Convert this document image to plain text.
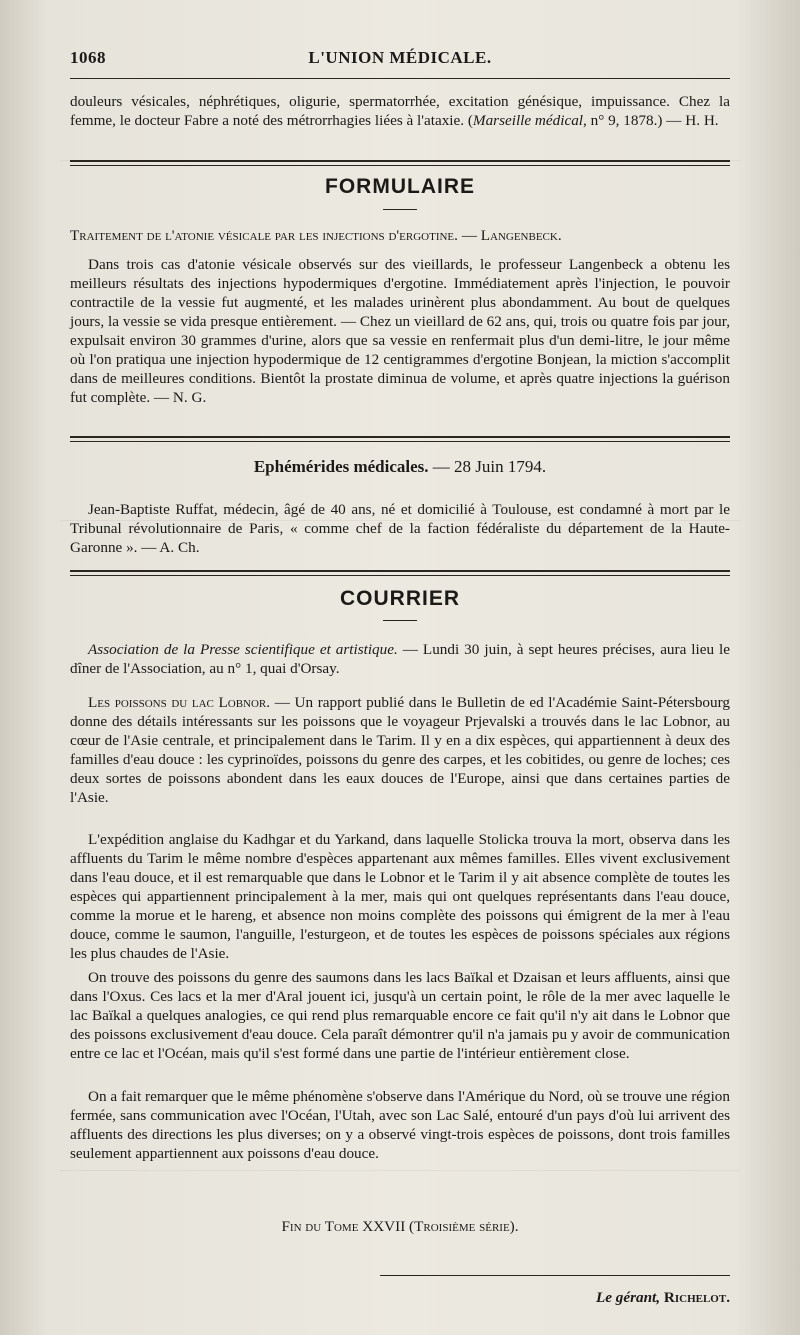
1068	L'UNION MÉDICALE.

douleurs vésicales, néphrétiques, oligurie, spermatorrhée, excitation génésique, impuissance. Chez la femme, le docteur Fabre a noté des métrorrhagies liées à l'ataxie. (Marseille médical, n° 9, 1878.) — H. H.

FORMULAIRE
Traitement de l'atonie vésicale par les injections d'ergotine. — Langenbeck.

Dans trois cas d'atonie vésicale observés sur des vieillards, le professeur Langenbeck a obtenu les meilleurs résultats des injections hypodermiques d'ergotine. Immédiatement après l'injection, le pouvoir contractile de la vessie fut augmenté, et les malades urinèrent plus abondamment. Au bout de quelques jours, la vessie se vida presque entièrement. — Chez un vieillard de 62 ans, qui, trois ou quatre fois par jour, expulsait environ 30 grammes d'urine, alors que sa vessie en renfermait plus d'un demi-litre, le jour même où l'on pratiqua une injection hypodermique de 12 centigrammes d'ergotine Bonjean, la miction s'accomplit dans de meilleures conditions. Bientôt la prostate diminua de volume, et après quatre injections la guérison fut complète. — N. G.

Ephémérides médicales. — 28 Juin 1794.

Jean-Baptiste Ruffat, médecin, âgé de 40 ans, né et domicilié à Toulouse, est condamné à mort par le Tribunal révolutionnaire de Paris, « comme chef de la faction fédéraliste du département de la Haute-Garonne ». — A. Ch.

COURRIER

Association de la Presse scientifique et artistique. — Lundi 30 juin, à sept heures précises, aura lieu le dîner de l'Association, au n° 1, quai d'Orsay.

Les poissons du lac Lobnor. — Un rapport publié dans le Bulletin de ed l'Académie Saint-Pétersbourg donne des détails intéressants sur les poissons que le voyageur Prjevalski a trouvés dans le lac Lobnor, au cœur de l'Asie centrale, et principalement dans le Tarim. Il y en a dix espèces, qui appartiennent à deux des familles d'eau douce : les cyprinoïdes, poissons du genre des carpes, et les cobitides, ou genre de loches; ces deux sortes de poissons abondent dans les eaux douces de l'Europe, ainsi que dans certaines parties de l'Asie.

L'expédition anglaise du Kadhgar et du Yarkand, dans laquelle Stolicka trouva la mort, observa dans les affluents du Tarim le même nombre d'espèces appartenant aux mêmes familles. Elles vivent exclusivement dans l'eau douce, et il est remarquable que dans le Lobnor et le Tarim il y ait absence complète de toutes les espèces qui appartiennent principalement à la mer, mais qui ont quelques représentants dans l'eau douce, comme la morue et le hareng, et absence non moins complète des poissons qui émigrent de la mer à l'eau douce, comme le saumon, l'anguille, l'esturgeon, et de toutes les espèces de poissons spéciales aux régions les plus chaudes de l'Asie.

On trouve des poissons du genre des saumons dans les lacs Baïkal et Dzaisan et leurs affluents, ainsi que dans l'Oxus. Ces lacs et la mer d'Aral jouent ici, jusqu'à un certain point, le rôle de la mer avec laquelle le lac Baïkal a quelques analogies, ce qui rend plus remarquable encore ce fait qu'il n'y ait dans le Lobnor que des poissons exclusivement d'eau douce. Cela paraît démontrer qu'il n'a jamais pu y avoir de communication entre ce lac et l'Océan, mais qu'il s'est formé dans une partie de l'intérieur entièrement close.

On a fait remarquer que le même phénomène s'observe dans l'Amérique du Nord, où se trouve une région fermée, sans communication avec l'Océan, l'Utah, avec son Lac Salé, entouré d'un pays d'où lui arrivent des affluents des directions les plus diverses; on y a observé vingt-trois espèces de poissons, dont trois familles seulement appartiennent aux poissons d'eau douce.

Fin du Tome XXVII (Troisième série).
Le gérant, Richelot.
